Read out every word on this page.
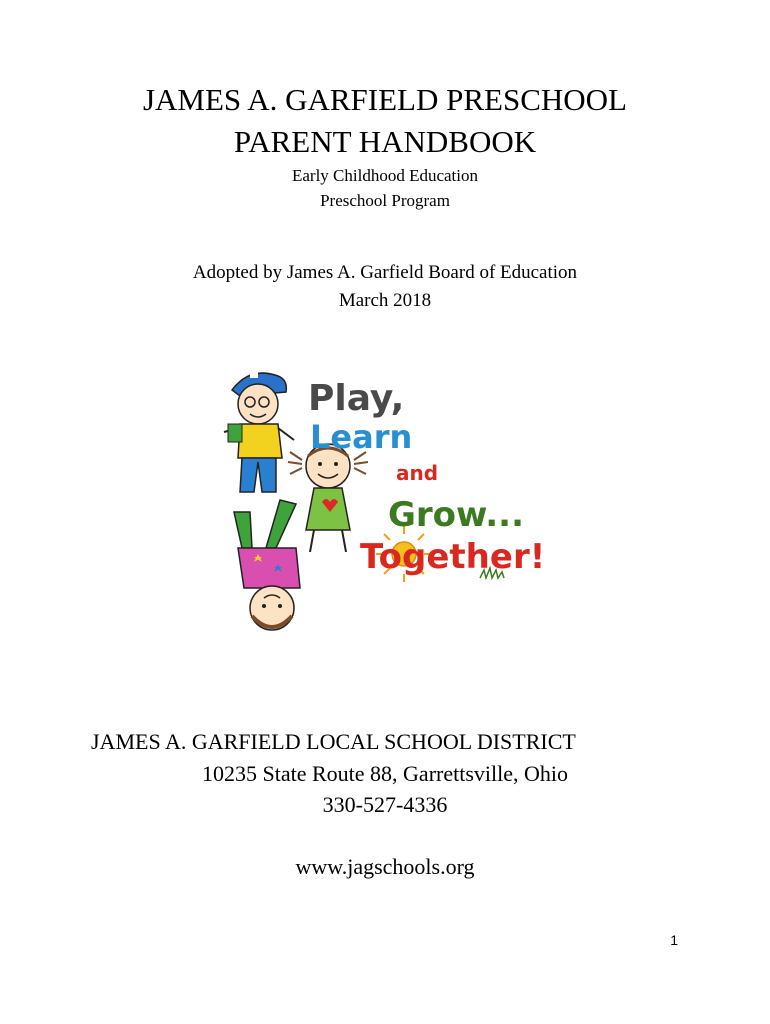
JAMES A. GARFIELD PRESCHOOL
PARENT HANDBOOK
Early Childhood Education
Preschool Program
Adopted by James A. Garfield Board of Education
March 2018
Play,
Learn
and
Grow...
Together!
JAMES A. GARFIELD LOCAL SCHOOL DISTRICT
10235 State Route 88, Garrettsville, Ohio
330-527-4336
www.jagschools.org
1
